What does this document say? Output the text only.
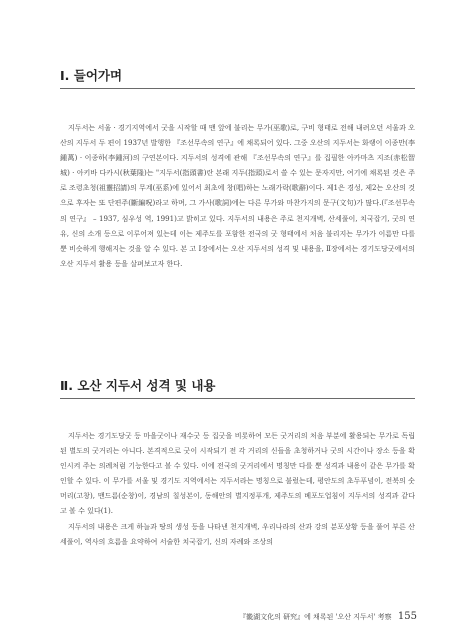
Ⅰ. 들어가며

지두서는 서울 · 경기지역에서 굿을 시작할 때 맨 앞에 불리는 무가(巫歌)로, 구비 형태로 전해 내려오던 서울과 오산의 지두서 두 편이 1937년 발행한 『조선무속의 연구』에 채록되어 있다. 그중 오산의 지두서는 화랭이 이종만(李鍾萬) · 이종하(李鍾河)의 구연본이다. 지두서의 성격에 관해 『조선무속의 연구』를 집필한 아카마츠 지조(赤松智城) · 아키바 다카시(秋葉隆)는 "지두서(指頭書)란 본래 지두(指頭)로서 쓸 수 있는 문자지만, 여기에 채록된 것은 주로 조령초청(祖靈招請)의 무계(巫系)에 있어서 최초에 창(唱)하는 노래가락(歌辭)이다. 제1은 경성, 제2는 오산의 것으로 후자는 또 단편주(斷編呪)라고 하며, 그 가사(歌詞)에는 다른 무가와 마찬가지의 문구(文句)가 많다.(『조선무속의 연구』 – 1937, 심우성 역, 1991)고 밝히고 있다. 지두서의 내용은 주로 천지개벽, 산세풀이, 치국잡기, 굿의 연유, 신의 소개 등으로 이루어져 있는데 이는 제주도를 포함한 전국의 굿 형태에서 처음 불리지는 무가가 이름만 다를 뿐 비슷하게 행해지는 것을 알 수 있다. 본 고 Ⅰ장에서는 오산 지두서의 성격 및 내용을, Ⅱ장에서는 경기도당굿에서의 오산 지두서 활용 등을 살펴보고자 한다.

Ⅱ. 오산 지두서 성격 및 내용

지두서는 경기도당굿 등 마을굿이나 재수굿 등 집굿을 비롯하여 모든 굿거리의 처음 부분에 활용되는 무가로 독립된 별도의 굿거리는 아니다. 본격적으로 굿이 시작되기 전 각 거리의 신들을 초청하거나 굿의 시간이나 장소 등을 확인시켜 주는 의례처럼 기능한다고 볼 수 있다. 이에 전국의 굿거리에서 명칭만 다를 뿐 성격과 내용이 같은 무가를 확인할 수 있다. 이 무가를 서울 및 경기도 지역에서는 지두서라는 명칭으로 불렀는데, 평안도의 초두푸념이, 전북의 숫머리(고창), 맨드름(순창)이, 경남의 칠성본이, 동해안의 별지정푸개, 제주도의 베포도업침이 지두서의 성격과 같다고 볼 수 있다(1).

지두서의 내용은 크게 하늘과 땅의 생성 등을 나타낸 천지개벽, 우리나라의 산과 강의 분포상황 등을 풀어 부른 산세풀이, 역사의 흐름을 요약하여 서술한 치국잡기, 신의 자례와 조상의

『畿湖文化의 研究』에 채록된 '오산 지두서' 考察 155
